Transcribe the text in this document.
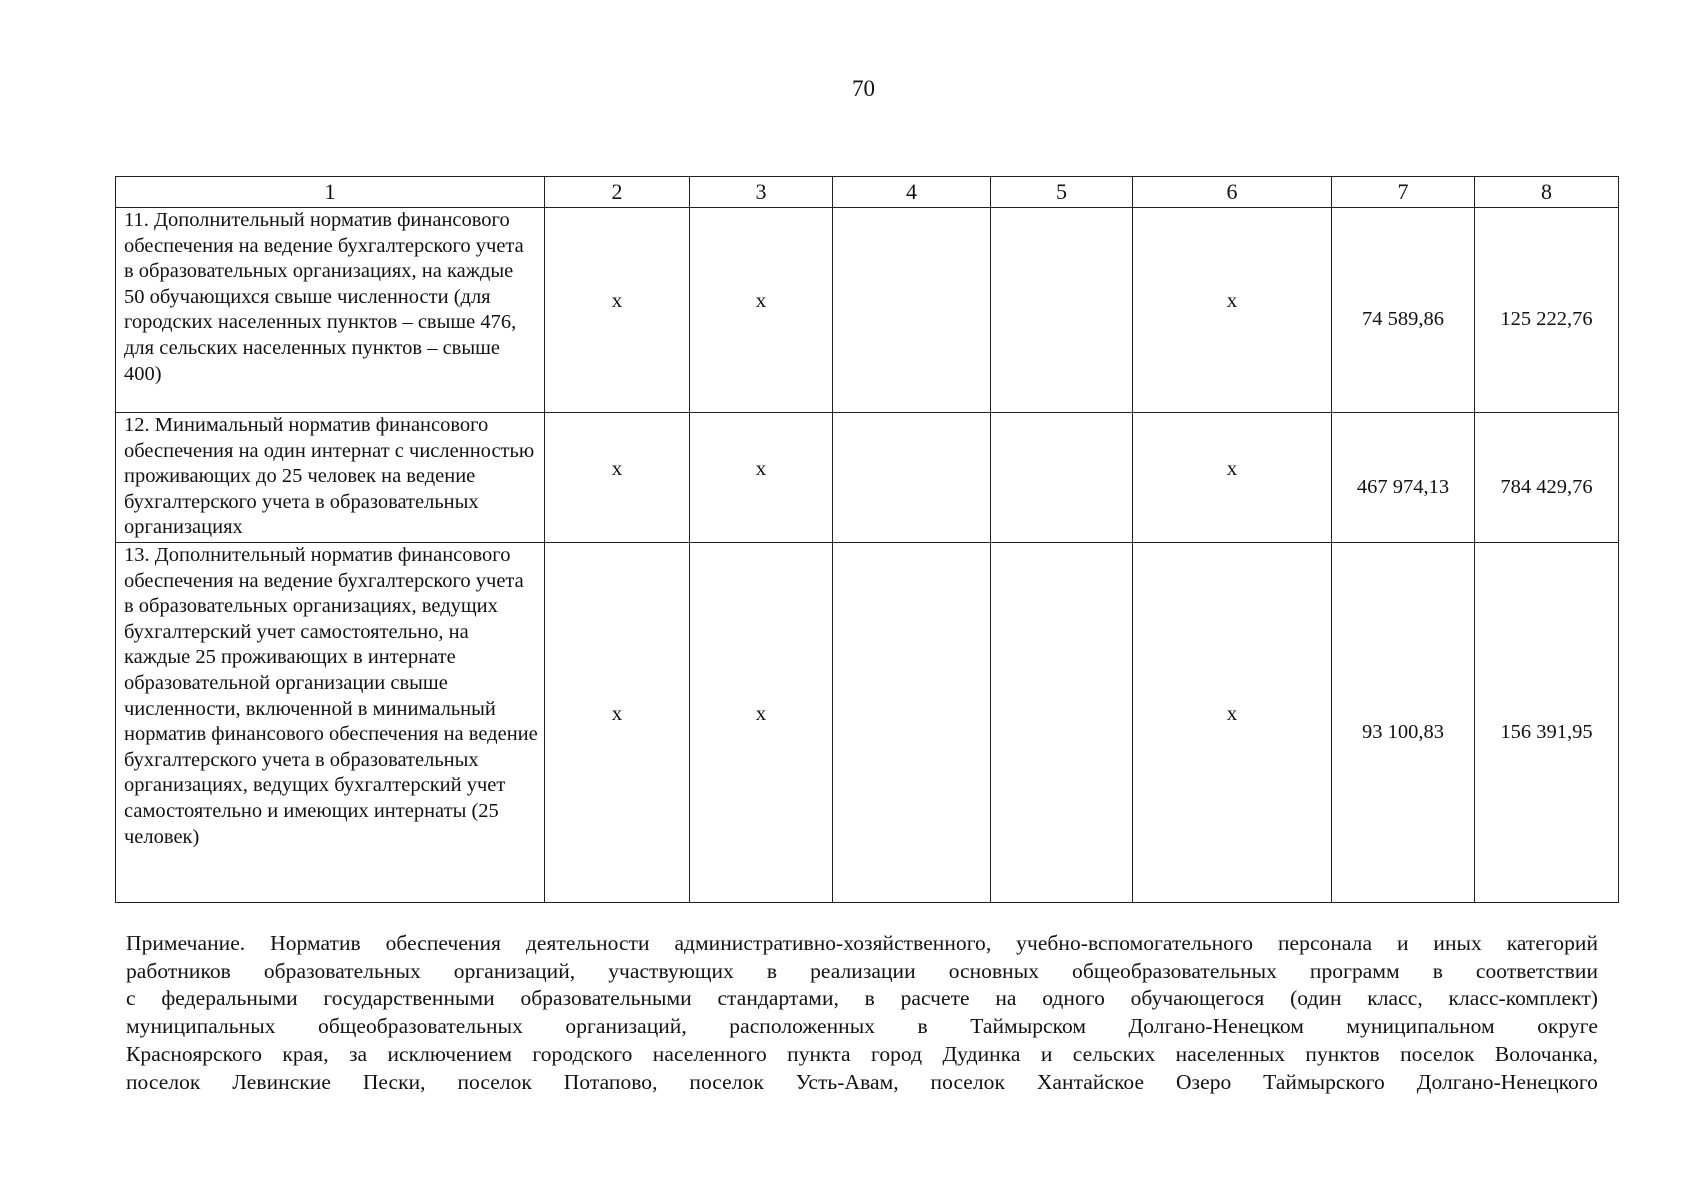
70
1	2	3	4	5	6	7	8
11. Дополнительный норматив финансового обеспечения на ведение бухгалтерского учета в образовательных организациях, на каждые 50 обучающихся свыше численности (для городских населенных пунктов – свыше 476, для сельских населенных пунктов – свыше 400)	х	х			х	74 589,86	125 222,76
12. Минимальный норматив финансового обеспечения на один интернат с численностью проживающих до 25 человек на ведение бухгалтерского учета в образовательных организациях	х	х			х	467 974,13	784 429,76
13. Дополнительный норматив финансового обеспечения на ведение бухгалтерского учета в образовательных организациях, ведущих бухгалтерский учет самостоятельно, на каждые 25 проживающих в интернате образовательной организации свыше численности, включенной в минимальный норматив финансового обеспечения на ведение бухгалтерского учета в образовательных организациях, ведущих бухгалтерский учет самостоятельно и имеющих интернаты (25 человек)	х	х			х	93 100,83	156 391,95
Примечание. Норматив обеспечения деятельности административно-хозяйственного, учебно-вспомогательного персонала и иных категорий
работников образовательных организаций, участвующих в реализации основных общеобразовательных программ в соответствии
с федеральными государственными образовательными стандартами, в расчете на одного обучающегося (один класс, класс-комплект)
муниципальных общеобразовательных организаций, расположенных в Таймырском Долгано-Ненецком муниципальном округе
Красноярского края, за исключением городского населенного пункта город Дудинка и сельских населенных пунктов поселок Волочанка,
поселок Левинские Пески, поселок Потапово, поселок Усть-Авам, поселок Хантайское Озеро Таймырского Долгано-Ненецкого
